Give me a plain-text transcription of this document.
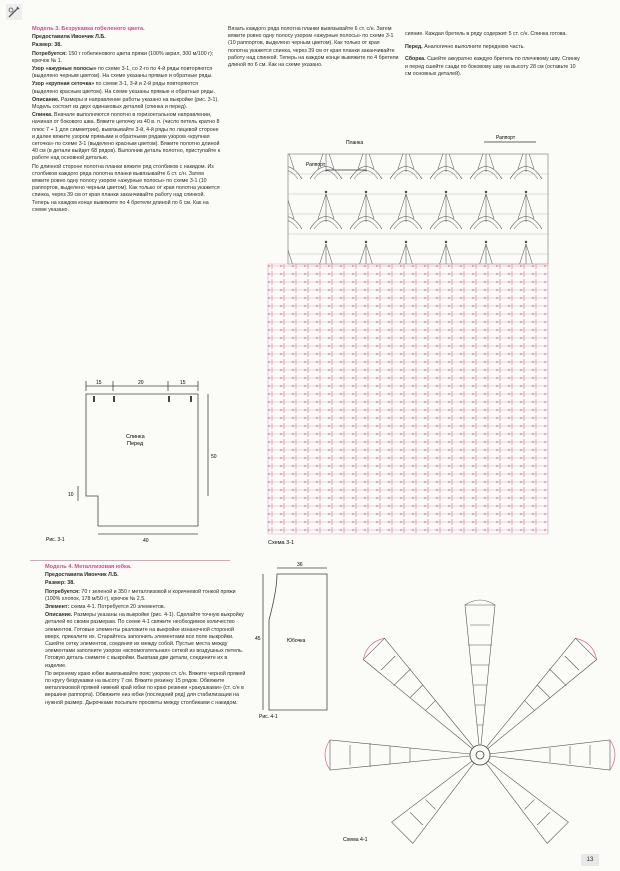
Модель 3. Безрукавка гобеленого цвета.

Предоставила Ивончик Л.Б.

Размер: 38.

Потребуется: 150 г гобеленового цвета пряжи (100% акрил, 300 м/100 г); крючок № 1.

Узор «ажурные полосы» по схеме 3-1, со 2-го по 4-й ряды повторяются (выделено черным цветом). На схеме указаны прямые и обратные ряды.

Узор «крупная сеточка» по схеме 3-1, 3-й и 2-й ряды повторяются (выделено красным цветом). На схеме указаны прямые и обратные ряды.

Описание. Размеры и направление работы указано на выкройке (рис. 3-1). Модель состоит из двух одинаковых деталей (спинка и перед).

Спинка. Вначале выполняются полотно в горизонтальном направлении, начиная от бокового шва. Вяжите цепочку из 40 в. п. (число петель кратно 8 плюс 7 + 1 для симметрии), вывязывайте 3-й, 4-й ряды по лицевой стороне и далее вяжите узором прямыми и обратными рядами узором «крупная сеточка» по схеме 3-1 (выделено красным цветом). Вяжите полотно длиной 40 см (в детали выйдет 68 рядов). Выполнив деталь полотно, приступайте к работе над основной деталью.

По длинной стороне полотна планки вяжите ряд столбиков с накидом. Из столбиков каждого ряда полотна планки вывязывайте 6 ст. с/н. Затем вяжите ровно одну полосу узором «ажурные полосы» по схеме 3-1 (10 раппортов, выделено черным цветом). Как только от края полотна укажется спинка, через 39 см от края планки заканчивайте работу над спинкой. Теперь на каждом конце вывяжите по 4 бретели длиной по 6 см. Как на схеме указано.

Вязать каждого ряда полотна планки вывязывайте 6 ст. с/н. Затем вяжите ровно одну полосу узором «ажурные полосы» по схеме 3-1 (10 раппортов, выделено черным цветом). Как только от края полотна укажется спинка, через 39 см от края планки заканчивайте работу над спинкой. Теперь на каждом конце вывяжите по 4 бретели длиной по 6 см. Как на схеме указано.

сияние. Каждая бретель в ряду содержит 5 ст. с/н. Спинка готова.

Перед. Аналогично выполните переднюю часть.

Сборка. Сшейте аккуратно каждую бретель по плечевому шву. Спинку и перед сшейте сзади по боковому шву на высоту 28 см (оставьте 10 см основных деталей).

15	20	15
Спинка
Перед
50
40
10
Рис. 3-1
Планка
Раппорт
Схема 3-1

Модель 4. Металлизовая юбка.

Предоставила Ивончик Л.Б.

Размер: 38.

Потребуется: 70 г зеленой и 350 г металлизовой и коричневой тонкой пряжи (100% хлопок, 178 м/50 г), крючок № 2,5.

Элемент: схема 4-1. Потребуется 20 элементов.

Описание. Размеры указаны на выкройке (рис. 4-1). Сделайте точную выкройку деталей по своим размерам. По схеме 4-1 свяжите необходимое количество элементов. Готовые элементы разложите на выкройке изнаночной стороной вверх, прикалите их. Старайтесь заполнить элементами все поле выкройки. Сшейте сетку элементов, соединяя их между собой. Пустые места между элементами заполните узором «вспомогательная» сеткой из воздушных петель. Готовую деталь снимите с выкройки. Вывязав две детали, соедините их в изделие.

По верхнему краю юбки вывязывайте пояс узором ст. с/н. Вяжите черной пряжей по кругу безрукавки на высоту 7 см. Вяжите резинку 15 рядов. Обвяжите металлизовой пряжей нижний край юбки по краю резинки «ракушками» (ст. с/н в вершине раппорта). Обвяжите низ юбки (последний ряд) для стабилизации на нужной размер. Дырочками посыпьте просветы между столбиками с накидом.

36
45	Юбочка
Рис. 4-1
Схема 4-1
13
